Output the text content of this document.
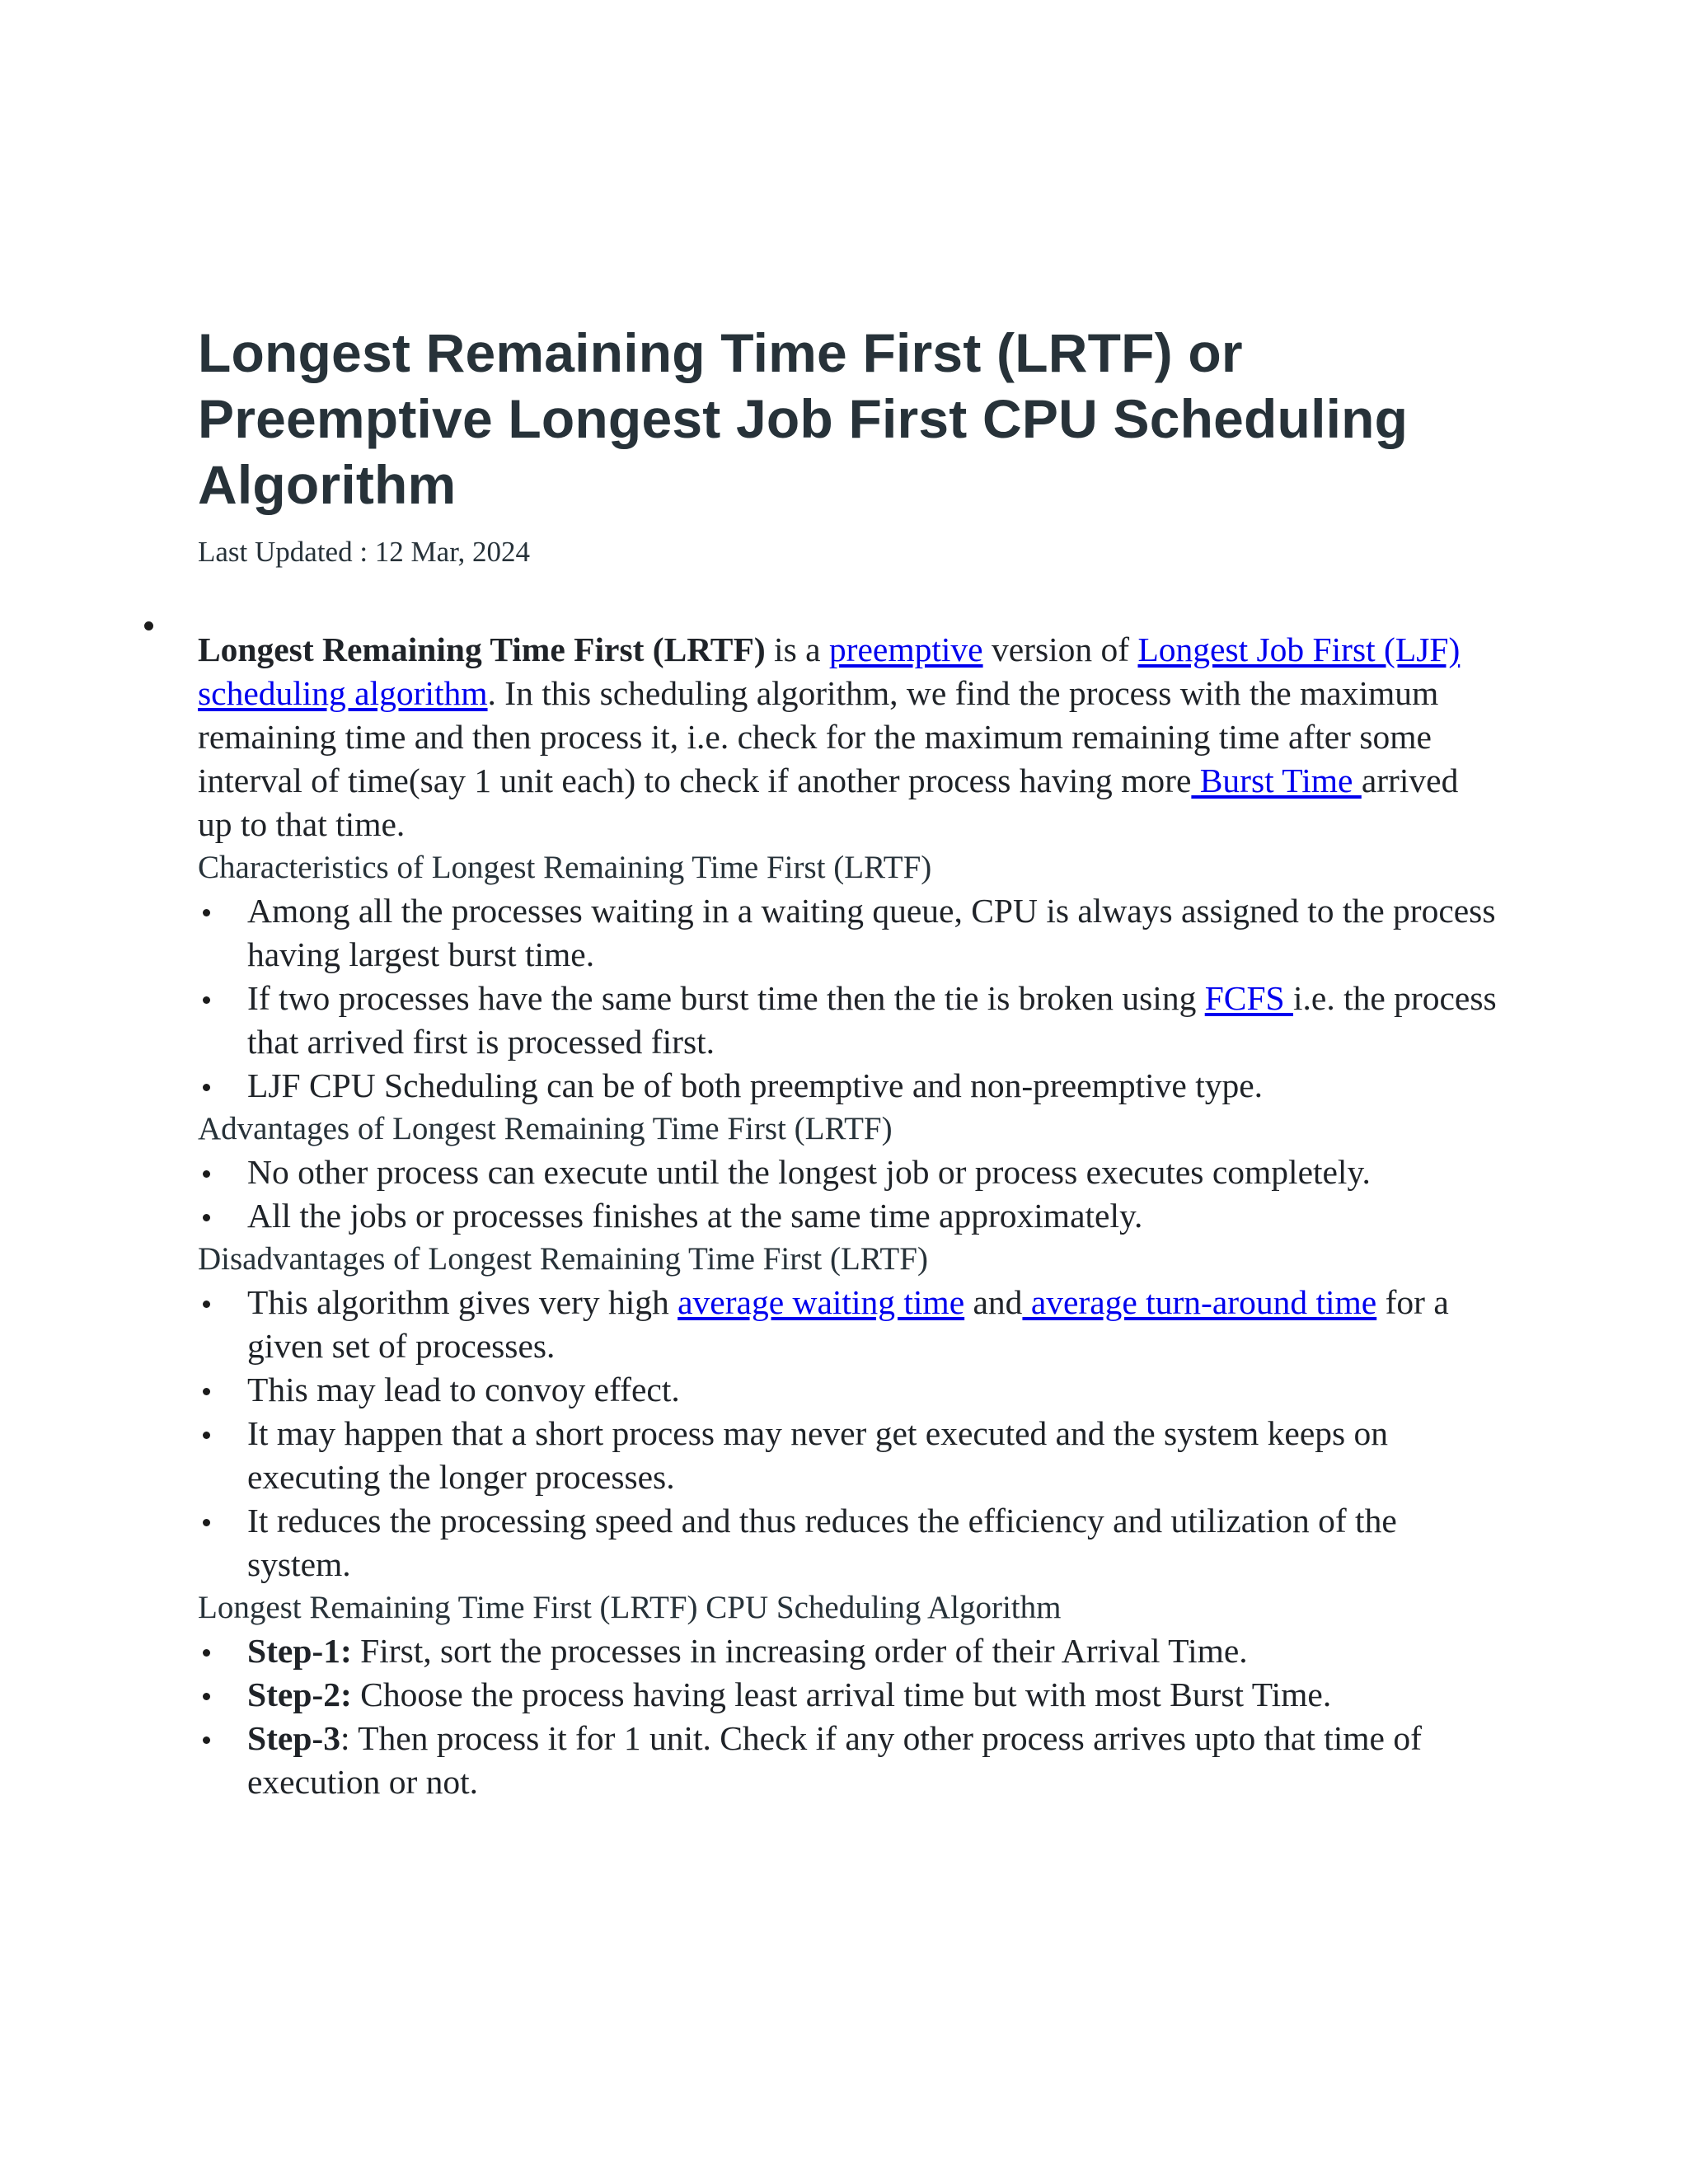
Longest Remaining Time First (LRTF) or Preemptive Longest Job First CPU Scheduling Algorithm
Last Updated : 12 Mar, 2024

Longest Remaining Time First (LRTF) is a preemptive version of Longest Job First (LJF) scheduling algorithm. In this scheduling algorithm, we find the process with the maximum remaining time and then process it, i.e. check for the maximum remaining time after some interval of time(say 1 unit each) to check if another process having more Burst Time arrived up to that time.

Characteristics of Longest Remaining Time First (LRTF)
Among all the processes waiting in a waiting queue, CPU is always assigned to the process having largest burst time.
If two processes have the same burst time then the tie is broken using FCFS i.e. the process that arrived first is processed first.
LJF CPU Scheduling can be of both preemptive and non-preemptive type.
Advantages of Longest Remaining Time First (LRTF)
No other process can execute until the longest job or process executes completely.
All the jobs or processes finishes at the same time approximately.
Disadvantages of Longest Remaining Time First (LRTF)
This algorithm gives very high average waiting time and average turn-around time for a given set of processes.
This may lead to convoy effect.
It may happen that a short process may never get executed and the system keeps on executing the longer processes.
It reduces the processing speed and thus reduces the efficiency and utilization of the system.
Longest Remaining Time First (LRTF) CPU Scheduling Algorithm
Step-1: First, sort the processes in increasing order of their Arrival Time.
Step-2: Choose the process having least arrival time but with most Burst Time.
Step-3: Then process it for 1 unit. Check if any other process arrives upto that time of execution or not.
